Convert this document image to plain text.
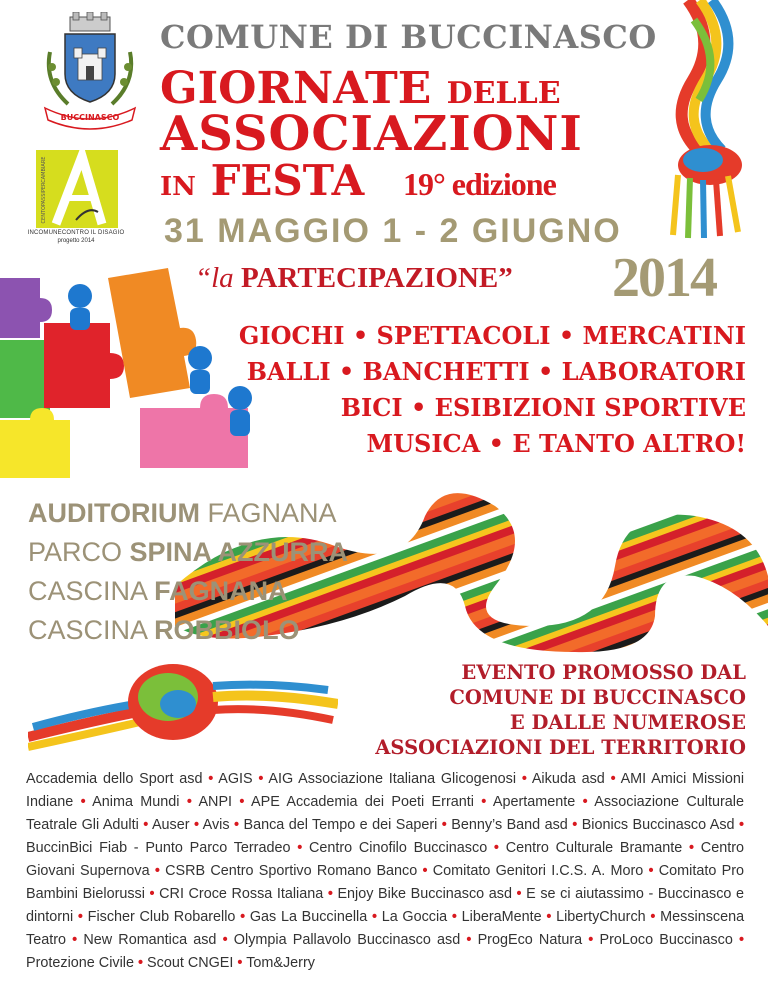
BUCCINASCO
CENTOPASSIPERCAMBIARE
INCOMUNECONTRO IL DISAGIO
progetto 2014
COMUNE DI BUCCINASCO
GIORNATE DELLE
ASSOCIAZIONI
IN FESTA 19° edizione
31 MAGGIO 1 - 2 GIUGNO
“la PARTECIPAZIONE” 2014
GIOCHI • SPETTACOLI • MERCATINI
BALLI • BANCHETTI • LABORATORI
BICI • ESIBIZIONI SPORTIVE
MUSICA • E TANTO ALTRO!
AUDITORIUM FAGNANA
PARCO SPINA AZZURRA
CASCINA FAGNANA
CASCINA ROBBIOLO
EVENTO PROMOSSO DAL
COMUNE DI BUCCINASCO
E DALLE NUMEROSE
ASSOCIAZIONI DEL TERRITORIO
Accademia dello Sport asd • AGIS • AIG Associazione Italiana Glicogenosi • Aikuda asd • AMI Amici Missioni Indiane • Anima Mundi • ANPI • APE Accademia dei Poeti Erranti • Apertamente • Associazione Culturale Teatrale Gli Adulti • Auser • Avis • Banca del Tempo e dei Saperi • Benny’s Band asd • Bionics Buccinasco Asd • BuccinBici Fiab - Punto Parco Terradeo • Centro Cinofilo Buccinasco • Centro Culturale Bramante • Centro Giovani Supernova • CSRB Centro Sportivo Romano Banco • Comitato Genitori I.C.S. A. Moro • Comitato Pro Bambini Bielorussi • CRI Croce Rossa Italiana • Enjoy Bike Buccinasco asd • E se ci aiutassimo - Buccinasco e dintorni • Fischer Club Robarello • Gas La Buccinella • La Goccia • LiberaMente • LibertyChurch • Messinscena Teatro • New Romantica asd • Olympia Pallavolo Buccinasco asd • ProgEco Natura • ProLoco Buccinasco • Protezione Civile • Scout CNGEI • Tom&Jerry
